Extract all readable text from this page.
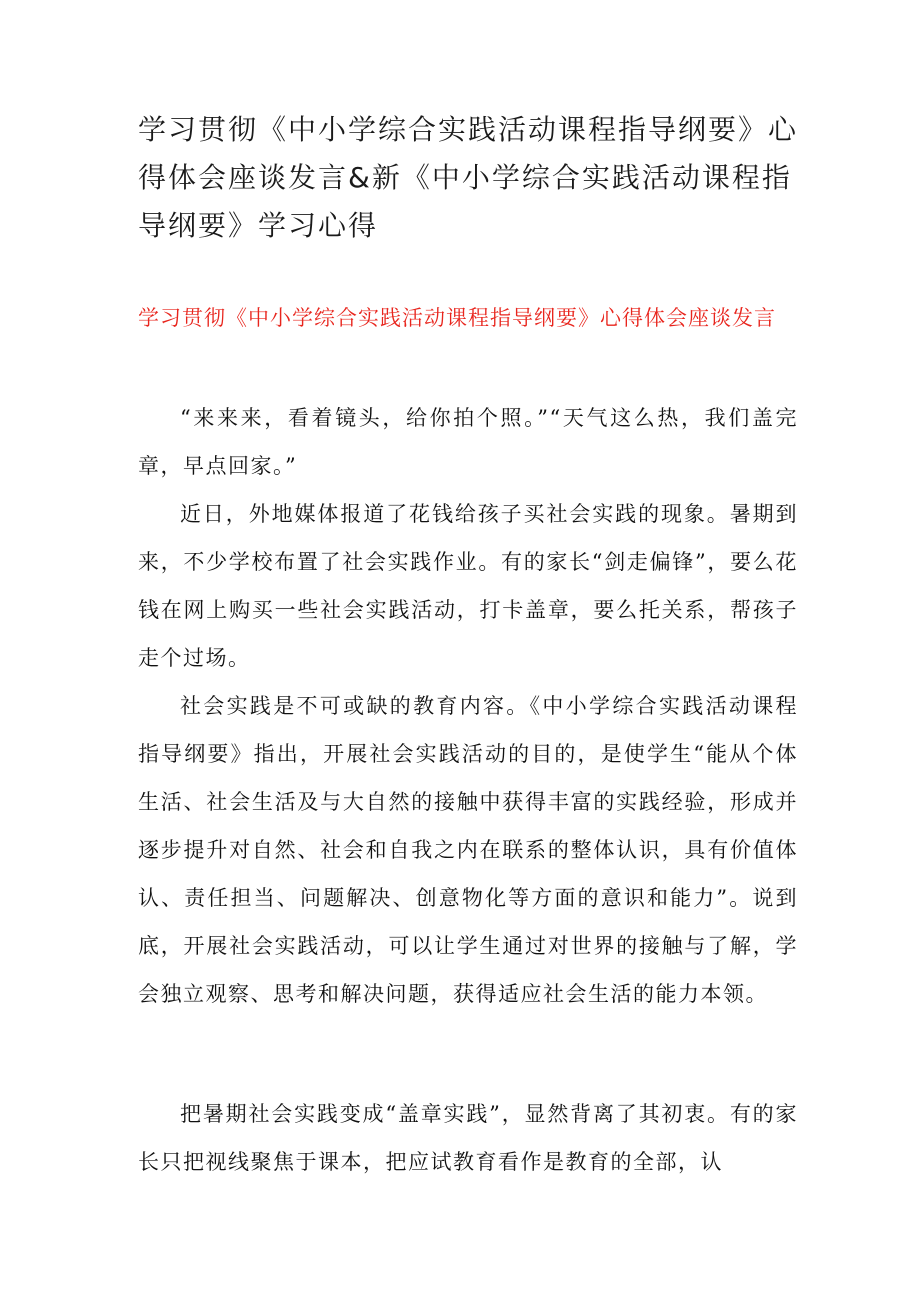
学习贯彻《中小学综合实践活动课程指导纲要》心得体会座谈发言&新《中小学综合实践活动课程指导纲要》学习心得
学习贯彻《中小学综合实践活动课程指导纲要》心得体会座谈发言

“来来来，看着镜头，给你拍个照。”“天气这么热，我们盖完章，早点回家。”

近日，外地媒体报道了花钱给孩子买社会实践的现象。暑期到来，不少学校布置了社会实践作业。有的家长“剑走偏锋”，要么花钱在网上购买一些社会实践活动，打卡盖章，要么托关系，帮孩子走个过场。

社会实践是不可或缺的教育内容。《中小学综合实践活动课程指导纲要》指出，开展社会实践活动的目的，是使学生“能从个体生活、社会生活及与大自然的接触中获得丰富的实践经验，形成并逐步提升对自然、社会和自我之内在联系的整体认识，具有价值体认、责任担当、问题解决、创意物化等方面的意识和能力”。说到底，开展社会实践活动，可以让学生通过对世界的接触与了解，学会独立观察、思考和解决问题，获得适应社会生活的能力本领。

把暑期社会实践变成“盖章实践”，显然背离了其初衷。有的家长只把视线聚焦于课本，把应试教育看作是教育的全部，认
